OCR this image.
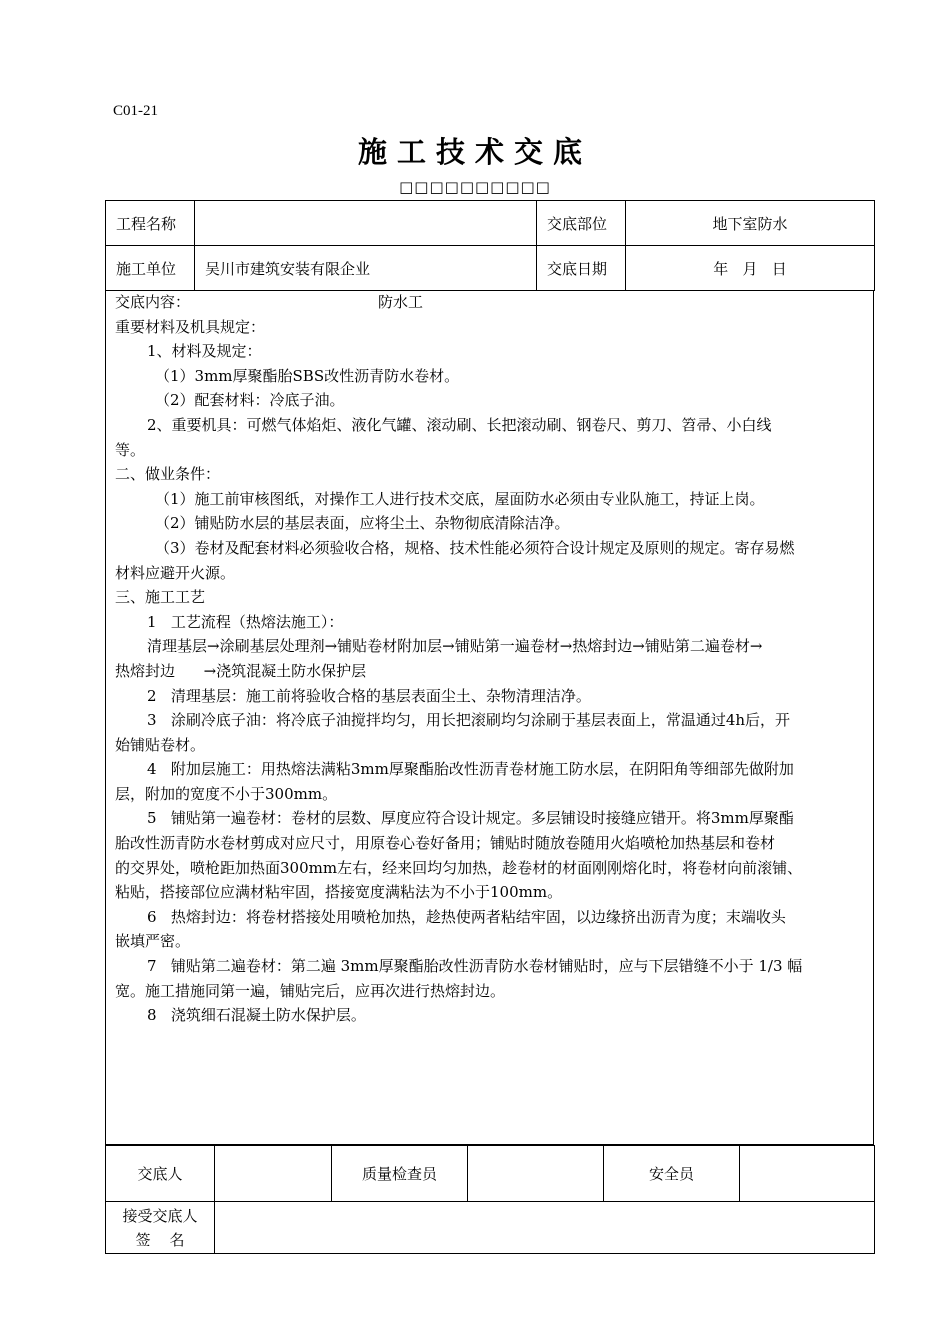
C01-21
施工技术交底
□□□□□□□□□□
工程名称		交底部位	地下室防水
施工单位	吴川市建筑安装有限企业	交底日期	年   月   日
交底内容：	防水工
重要材料及机具规定：
1、材料及规定：
（1）3mm厚聚酯胎SBS改性沥青防水卷材。
（2）配套材料：冷底子油。
2、重要机具：可燃气体焰炬、液化气罐、滚动刷、长把滚动刷、钢卷尺、剪刀、笤帚、小白线
等。
二、做业条件：
（1）施工前审核图纸，对操作工人进行技术交底，屋面防水必须由专业队施工，持证上岗。
（2）铺贴防水层的基层表面，应将尘土、杂物彻底清除洁净。
（3）卷材及配套材料必须验收合格，规格、技术性能必须符合设计规定及原则的规定。寄存易燃
材料应避开火源。
三、施工工艺
1   工艺流程（热熔法施工）：
清理基层→涂刷基层处理剂→铺贴卷材附加层→铺贴第一遍卷材→热熔封边→铺贴第二遍卷材→
热熔封边      →浇筑混凝土防水保护层
2   清理基层：施工前将验收合格的基层表面尘土、杂物清理洁净。
3   涂刷冷底子油：将冷底子油搅拌均匀，用长把滚刷均匀涂刷于基层表面上，常温通过4h后，开
始铺贴卷材。
4   附加层施工：用热熔法满粘3mm厚聚酯胎改性沥青卷材施工防水层，在阴阳角等细部先做附加
层，附加的宽度不小于300mm。
5   铺贴第一遍卷材：卷材的层数、厚度应符合设计规定。多层铺设时接缝应错开。将3mm厚聚酯
胎改性沥青防水卷材剪成对应尺寸，用原卷心卷好备用；铺贴时随放卷随用火焰喷枪加热基层和卷材
的交界处，喷枪距加热面300mm左右，经来回均匀加热，趁卷材的材面刚刚熔化时，将卷材向前滚铺、
粘贴，搭接部位应满材粘牢固，搭接宽度满粘法为不小于100mm。
6   热熔封边：将卷材搭接处用喷枪加热，趁热使两者粘结牢固，以边缘挤出沥青为度；末端收头
嵌填严密。
7   铺贴第二遍卷材：第二遍 3mm厚聚酯胎改性沥青防水卷材铺贴时，应与下层错缝不小于 1/3 幅
宽。施工措施同第一遍，铺贴完后，应再次进行热熔封边。
8   浇筑细石混凝土防水保护层。
交底人		质量检查员		安全员	

接受交底人
签    名					
